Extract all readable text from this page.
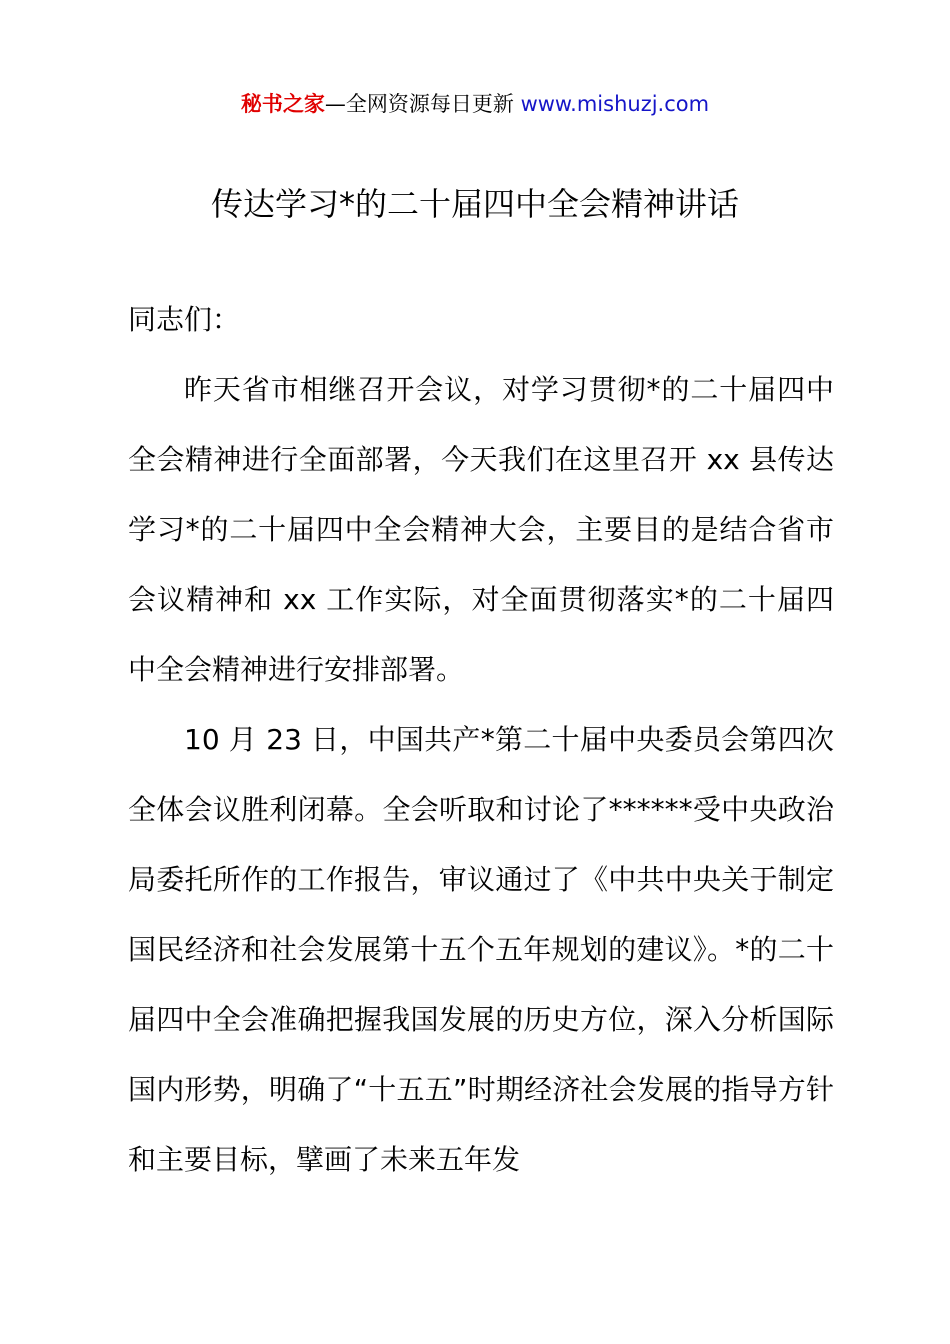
秘书之家—全网资源每日更新 www.mishuzj.com
传达学习*的二十届四中全会精神讲话

同志们：

昨天省市相继召开会议，对学习贯彻*的二十届四中全会精神进行全面部署，今天我们在这里召开 xx 县传达学习*的二十届四中全会精神大会，主要目的是结合省市会议精神和 xx 工作实际，对全面贯彻落实*的二十届四中全会精神进行安排部署。

10 月 23 日，中国共产*第二十届中央委员会第四次全体会议胜利闭幕。全会听取和讨论了******受中央政治局委托所作的工作报告，审议通过了《中共中央关于制定国民经济和社会发展第十五个五年规划的建议》。*的二十届四中全会准确把握我国发展的历史方位，深入分析国际国内形势，明确了“十五五”时期经济社会发展的指导方针和主要目标，擘画了未来五年发
